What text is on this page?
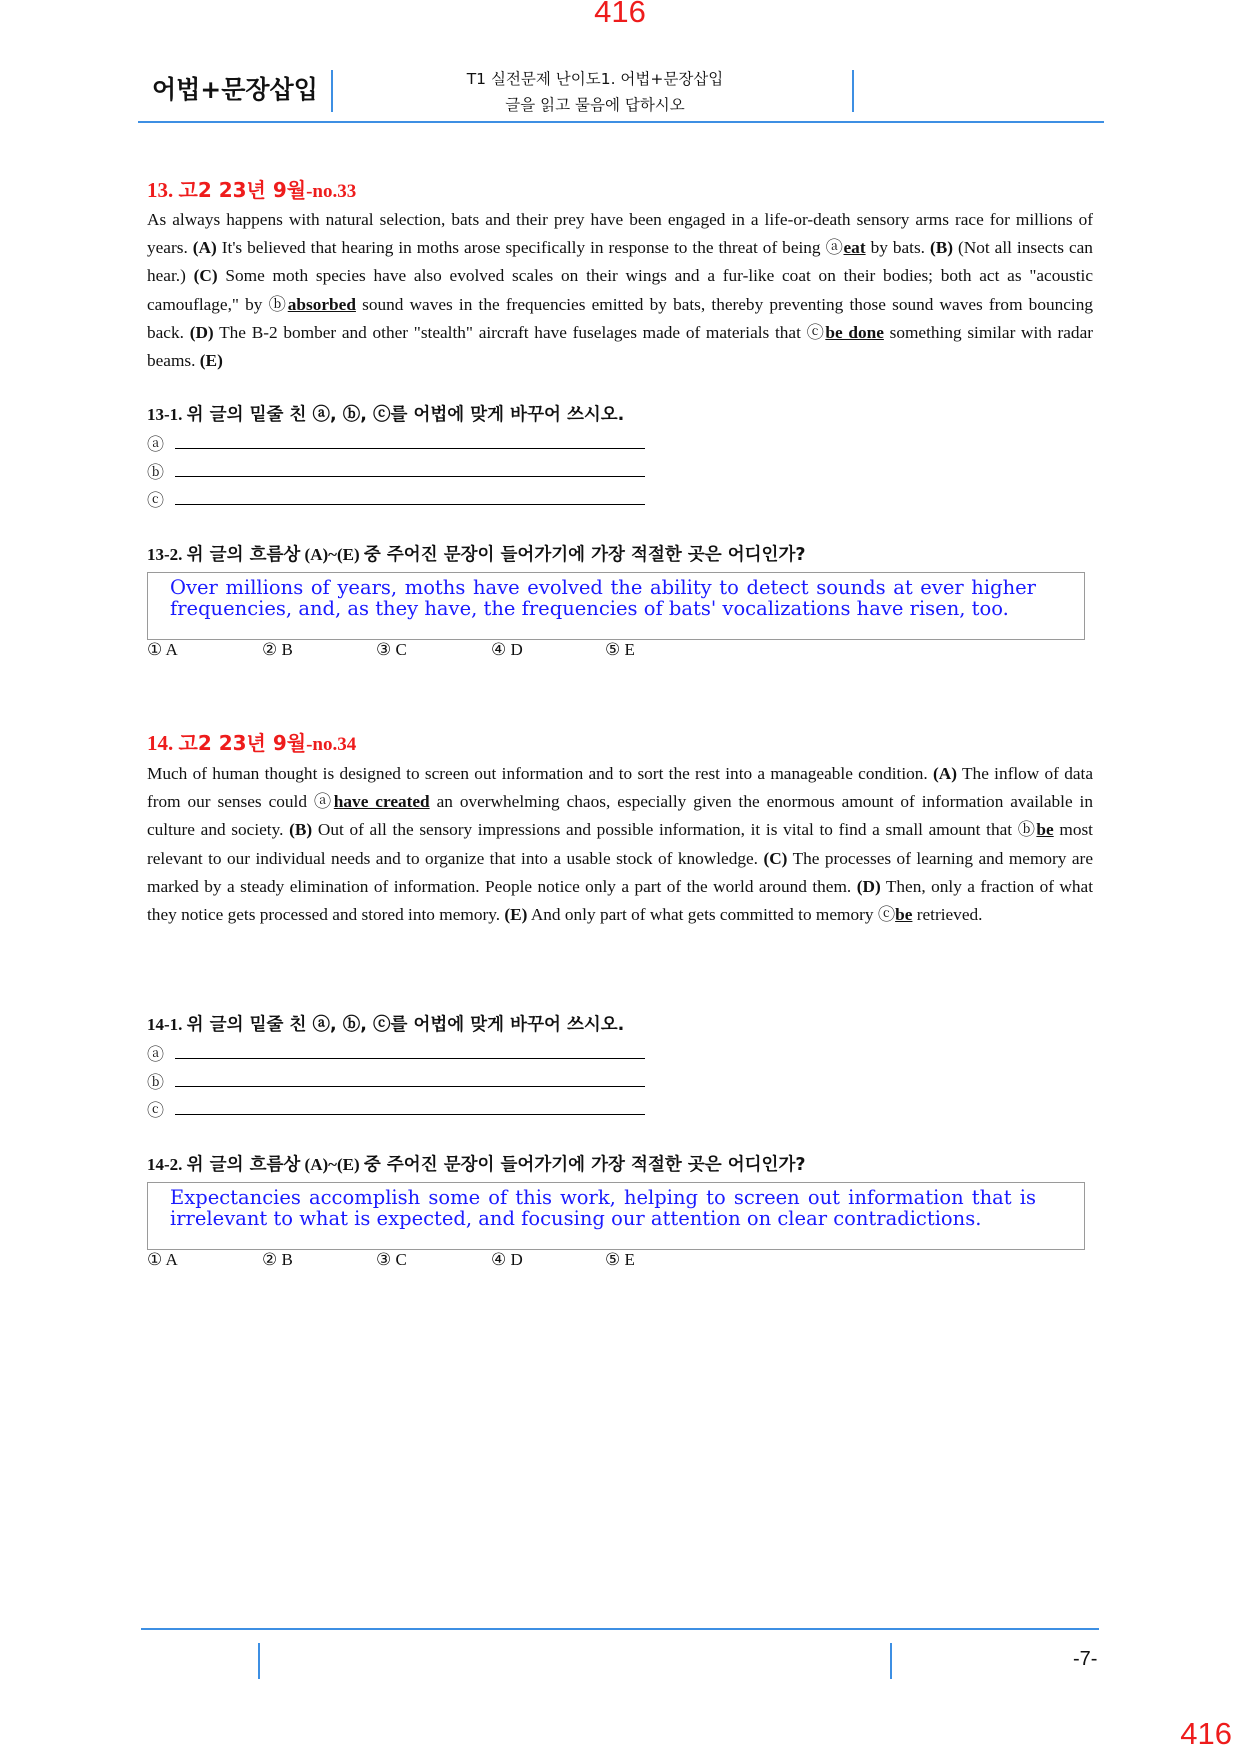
416
416
어법+문장삽입	T1 실전문제 난이도1. 어법+문장삽입
글을 읽고 물음에 답하시오
13. 고2 23년 9월-no.33
As always happens with natural selection, bats and their prey have been engaged in a life-or-death sensory arms race for millions of years. (A) It's believed that hearing in moths arose specifically in response to the threat of being ⓐeat by bats. (B) (Not all insects can hear.) (C) Some moth species have also evolved scales on their wings and a fur-like coat on their bodies; both act as "acoustic camouflage," by ⓑabsorbed sound waves in the frequencies emitted by bats, thereby preventing those sound waves from bouncing back. (D) The B-2 bomber and other "stealth" aircraft have fuselages made of materials that ⓒbe done something similar with radar beams. (E)
13-1. 위 글의 밑줄 친 ⓐ, ⓑ, ⓒ를 어법에 맞게 바꾸어 쓰시오.
ⓐ
ⓑ
ⓒ
13-2. 위 글의 흐름상 (A)~(E) 중 주어진 문장이 들어가기에 가장 적절한 곳은 어디인가?
Over millions of years, moths have evolved the ability to detect sounds at ever higher frequencies, and, as they have, the frequencies of bats' vocalizations have risen, too.
① A	② B	③ C	④ D	⑤ E
14. 고2 23년 9월-no.34
Much of human thought is designed to screen out information and to sort the rest into a manageable condition. (A) The inflow of data from our senses could ⓐhave created an overwhelming chaos, especially given the enormous amount of information available in culture and society. (B) Out of all the sensory impressions and possible information, it is vital to find a small amount that ⓑbe most relevant to our individual needs and to organize that into a usable stock of knowledge. (C) The processes of learning and memory are marked by a steady elimination of information. People notice only a part of the world around them. (D) Then, only a fraction of what they notice gets processed and stored into memory. (E) And only part of what gets committed to memory ⓒbe retrieved.
14-1. 위 글의 밑줄 친 ⓐ, ⓑ, ⓒ를 어법에 맞게 바꾸어 쓰시오.
ⓐ
ⓑ
ⓒ
14-2. 위 글의 흐름상 (A)~(E) 중 주어진 문장이 들어가기에 가장 적절한 곳은 어디인가?
Expectancies accomplish some of this work, helping to screen out information that is irrelevant to what is expected, and focusing our attention on clear contradictions.
① A	② B	③ C	④ D	⑤ E
-7-
